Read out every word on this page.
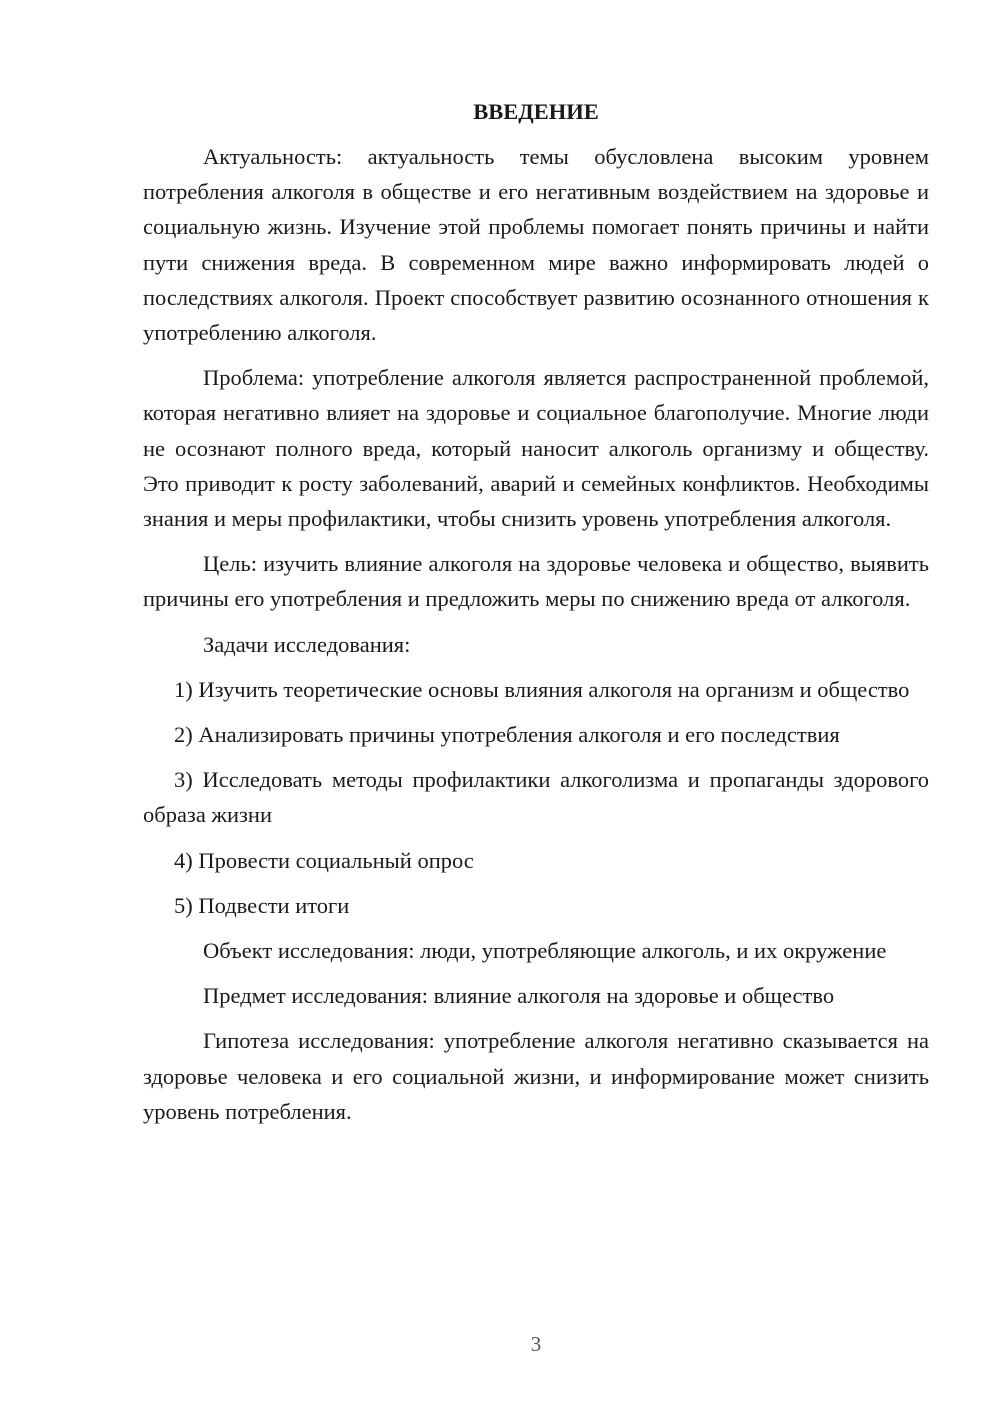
ВВЕДЕНИЕ

Актуальность: актуальность темы обусловлена высоким уровнем потребления алкоголя в обществе и его негативным воздействием на здоровье и социальную жизнь. Изучение этой проблемы помогает понять причины и найти пути снижения вреда. В современном мире важно информировать людей о последствиях алкоголя. Проект способствует развитию осознанного отношения к употреблению алкоголя.

Проблема: употребление алкоголя является распространенной проблемой, которая негативно влияет на здоровье и социальное благополучие. Многие люди не осознают полного вреда, который наносит алкоголь организму и обществу. Это приводит к росту заболеваний, аварий и семейных конфликтов. Необходимы знания и меры профилактики, чтобы снизить уровень употребления алкоголя.

Цель: изучить влияние алкоголя на здоровье человека и общество, выявить причины его употребления и предложить меры по снижению вреда от алкоголя.

Задачи исследования:

1) Изучить теоретические основы влияния алкоголя на организм и общество

2) Анализировать причины употребления алкоголя и его последствия

3) Исследовать методы профилактики алкоголизма и пропаганды здорового образа жизни

4) Провести социальный опрос

5) Подвести итоги

Объект исследования: люди, употребляющие алкоголь, и их окружение

Предмет исследования: влияние алкоголя на здоровье и общество

Гипотеза исследования: употребление алкоголя негативно сказывается на здоровье человека и его социальной жизни, и информирование может снизить уровень потребления.

3
